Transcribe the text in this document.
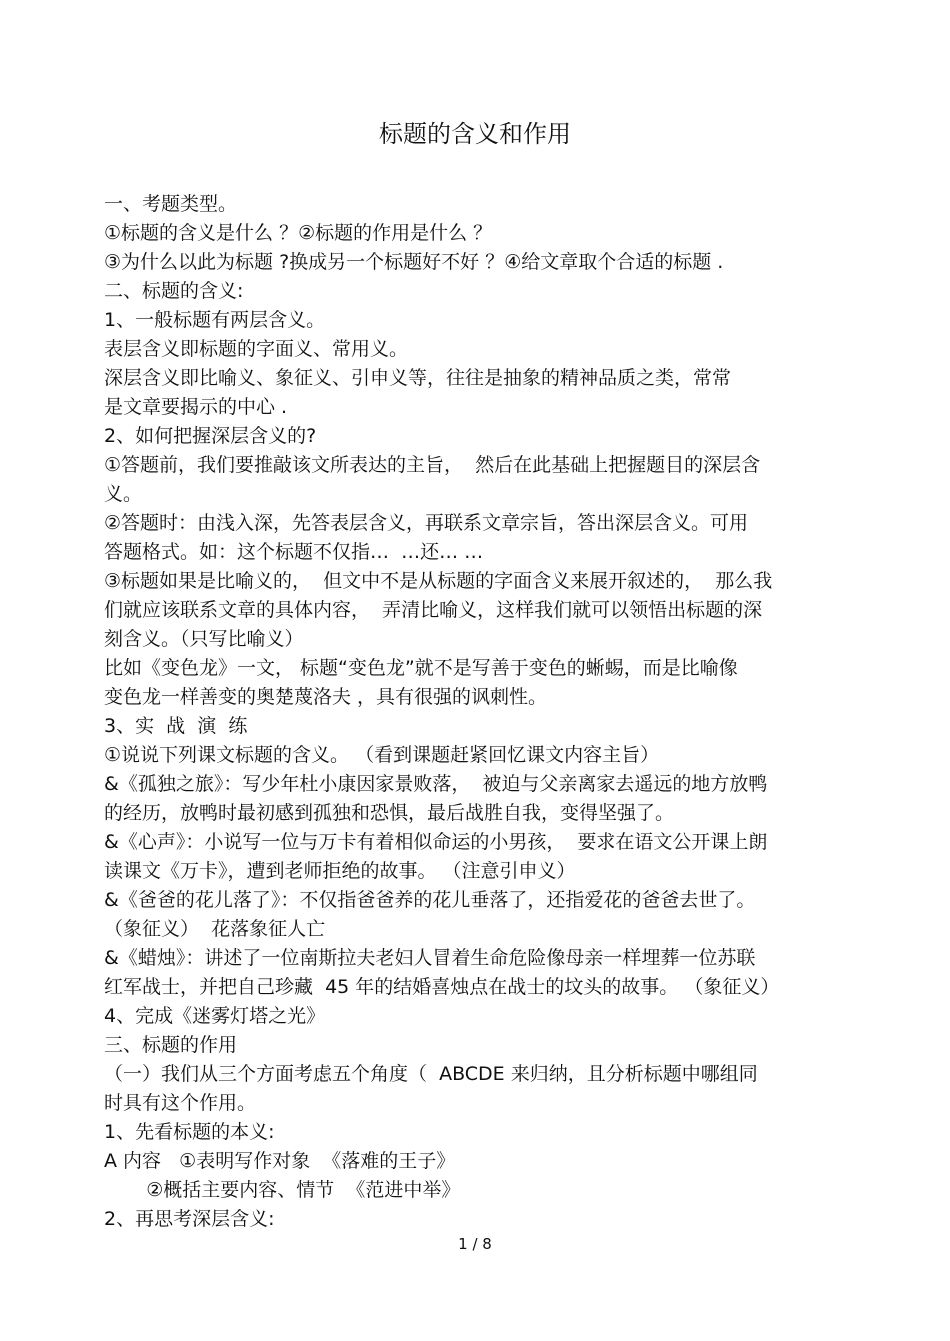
标题的含义和作用
一、考题类型。
①标题的含义是什么 ？②标题的作用是什么 ？
③为什么以此为标题 ?换成另一个标题好不好 ？④给文章取个合适的标题 .
二、标题的含义:
1、一般标题有两层含义。
表层含义即标题的字面义、常用义。
深层含义即比喻义、象征义、引申义等，往往是抽象的精神品质之类，常常
是文章要揭示的中心 .
2、如何把握深层含义的?
①答题前，我们要推敲该文所表达的主旨，  然后在此基础上把握题目的深层含
义。
②答题时：由浅入深，先答表层含义，再联系文章宗旨，答出深层含义。可用
答题格式。如：这个标题不仅指…  …还… …
③标题如果是比喻义的，  但文中不是从标题的字面含义来展开叙述的，  那么我
们就应该联系文章的具体内容，  弄清比喻义，这样我们就可以领悟出标题的深
刻含义。（只写比喻义）
比如《变色龙》一文， 标题“变色龙”就不是写善于变色的蜥蜴，而是比喻像
变色龙一样善变的奥楚蔑洛夫 ，具有很强的讽刺性。
3、实  战  演  练
①说说下列课文标题的含义。 （看到课题赶紧回忆课文内容主旨）
&《孤独之旅》：写少年杜小康因家景败落，  被迫与父亲离家去遥远的地方放鸭
的经历，放鸭时最初感到孤独和恐惧，最后战胜自我，变得坚强了。
&《心声》：小说写一位与万卡有着相似命运的小男孩，  要求在语文公开课上朗
读课文《万卡》，遭到老师拒绝的故事。 （注意引申义）
&《爸爸的花儿落了》：不仅指爸爸养的花儿垂落了，还指爱花的爸爸去世了。
（象征义）  花落象征人亡
&《蜡烛》：讲述了一位南斯拉夫老妇人冒着生命危险像母亲一样埋葬一位苏联
红军战士，并把自己珍藏  45 年的结婚喜烛点在战士的坟头的故事。 （象征义）
4、完成《迷雾灯塔之光》
三、标题的作用
（一）我们从三个方面考虑五个角度（  ABCDE 来归纳，且分析标题中哪组同
时具有这个作用。
1、先看标题的本义:
A 内容   ①表明写作对象  《落难的王子》
②概括主要内容、情节  《范进中举》
2、再思考深层含义:
1 / 8
